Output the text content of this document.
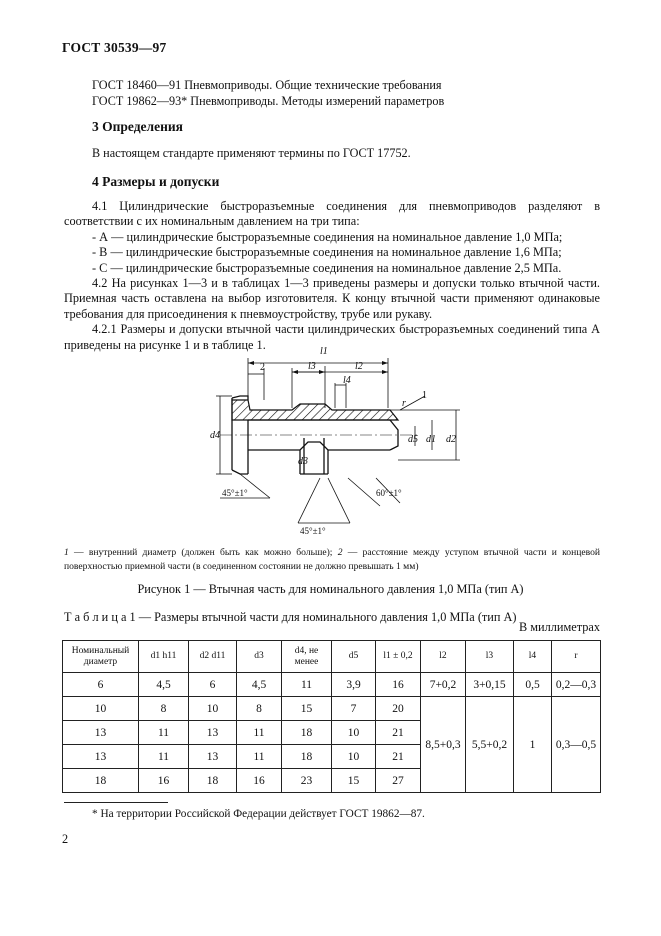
ГОСТ 30539—97
ГОСТ 18460—91 Пневмоприводы. Общие технические требования
ГОСТ 19862—93* Пневмоприводы. Методы измерений параметров
3 Определения
В настоящем стандарте применяют термины по ГОСТ 17752.
4 Размеры и допуски

4.1 Цилиндрические быстроразъемные соединения для пневмоприводов разделяют в соответствии с их номинальным давлением на три типа:

- А — цилиндрические быстроразъемные соединения на номинальное давление 1,0 МПа;

- В — цилиндрические быстроразъемные соединения на номинальное давление 1,6 МПа;

- С — цилиндрические быстроразъемные соединения на номинальное давление 2,5 МПа.

4.2 На рисунках 1—3 и в таблицах 1—3 приведены размеры и допуски только втычной части. Приемная часть оставлена на выбор изготовителя. К концу втычной части применяют одинаковые требования для присоединения к пневмоустройству, трубе или рукаву.

4.2.1 Размеры и допуски втычной части цилиндрических быстроразъемных соединений типа А приведены на рисунке 1 и в таблице 1.	l1
l3	l2
l4
r
d4
d3
d5 d1 d2
2
1
45°±1°
45°±1°
60°±1°
1 — внутренний диаметр (должен быть как можно больше); 2 — расстояние между уступом втычной части и концевой поверхностью приемной части (в соединенном состоянии не должно превышать 1 мм)
Рисунок 1 — Втычная часть для номинального давления 1,0 МПа (тип А)
Т а б л и ц а 1 — Размеры втычной части для номинального давления 1,0 МПа (тип А)
В миллиметрах
Номинальный диаметр	d1 h11	d2 d11	d3	d4, не менее	d5	l1 ± 0,2	l2	l3	l4	r
6	4,5	6	4,5	11	3,9	16	7+0,2	3+0,15	0,5	0,2—0,3
10	8	10	8	15	7	20	8,5+0,3	5,5+0,2	1	0,3—0,5
13	11	13	11	18	10	21				
13	11	13	11	18	10	21				
18	16	18	16	23	15	27				
* На территории Российской Федерации действует ГОСТ 19862—87.
2
